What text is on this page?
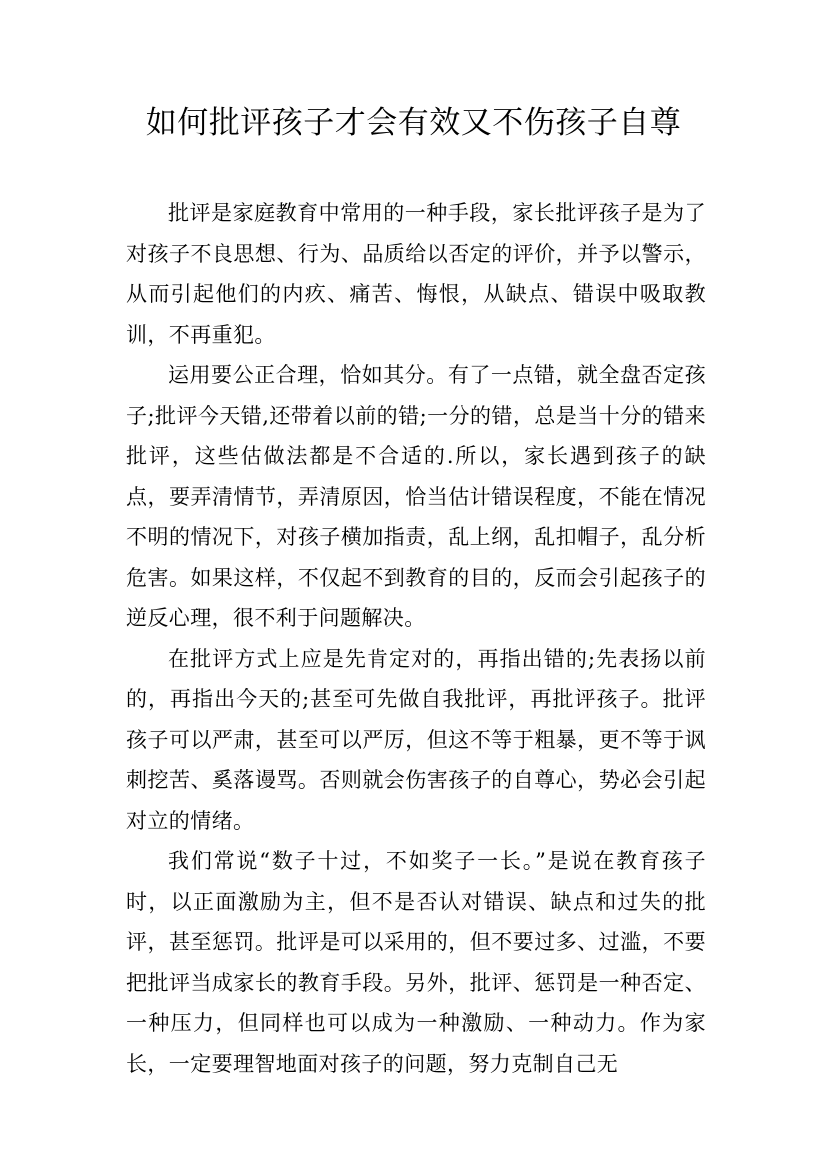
如何批评孩子才会有效又不伤孩子自尊

批评是家庭教育中常用的一种手段，家长批评孩子是为了对孩子不良思想、行为、品质给以否定的评价，并予以警示，从而引起他们的内疚、痛苦、悔恨，从缺点、错误中吸取教训，不再重犯。

运用要公正合理，恰如其分。有了一点错，就全盘否定孩子;批评今天错,还带着以前的错;一分的错，总是当十分的错来批评，这些估做法都是不合适的.所以，家长遇到孩子的缺点，要弄清情节，弄清原因，恰当估计错误程度，不能在情况不明的情况下，对孩子横加指责，乱上纲，乱扣帽子，乱分析危害。如果这样，不仅起不到教育的目的，反而会引起孩子的逆反心理，很不利于问题解决。

在批评方式上应是先肯定对的，再指出错的;先表扬以前的，再指出今天的;甚至可先做自我批评，再批评孩子。批评孩子可以严肃，甚至可以严厉，但这不等于粗暴，更不等于讽刺挖苦、奚落谩骂。否则就会伤害孩子的自尊心，势必会引起对立的情绪。

我们常说“数子十过，不如奖子一长。”是说在教育孩子时，以正面激励为主，但不是否认对错误、缺点和过失的批评，甚至惩罚。批评是可以采用的，但不要过多、过滥，不要把批评当成家长的教育手段。另外，批评、惩罚是一种否定、一种压力，但同样也可以成为一种激励、一种动力。作为家长，一定要理智地面对孩子的问题，努力克制自己无
